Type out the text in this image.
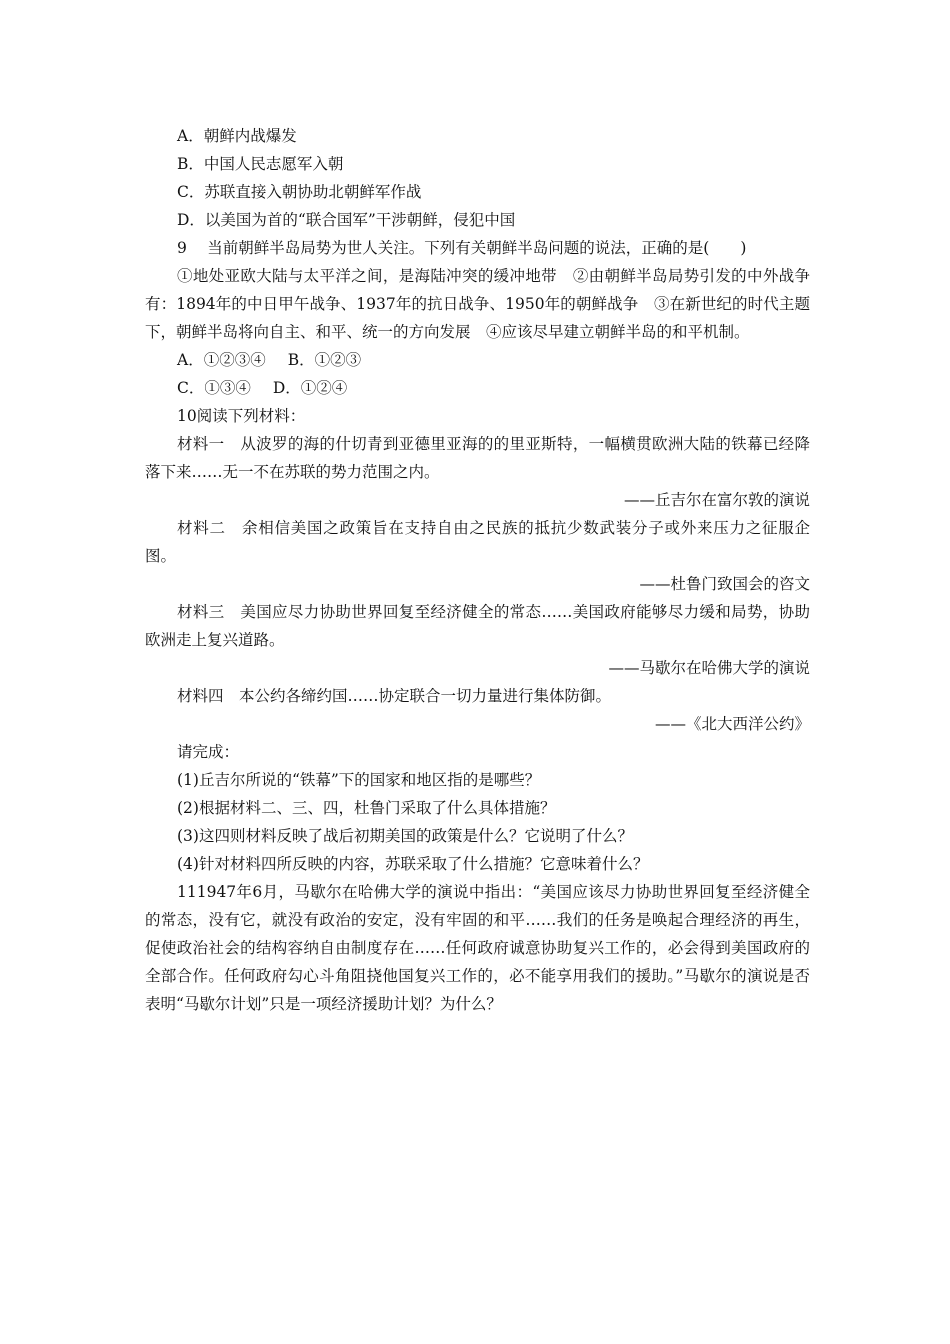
A．朝鲜内战爆发
B．中国人民志愿军入朝
C．苏联直接入朝协助北朝鲜军作战
D．以美国为首的“联合国军”干涉朝鲜，侵犯中国
9　 当前朝鲜半岛局势为世人关注。下列有关朝鲜半岛问题的说法，正确的是(　　)
①地处亚欧大陆与太平洋之间，是海陆冲突的缓冲地带　②由朝鲜半岛局势引发的中外战争有：1894年的中日甲午战争、1937年的抗日战争、1950年的朝鲜战争　③在新世纪的时代主题下，朝鲜半岛将向自主、和平、统一的方向发展　④应该尽早建立朝鲜半岛的和平机制。
A．①②③④ B．①②③
C．①③④ D．①②④
10阅读下列材料：
材料一　从波罗的海的什切青到亚德里亚海的的里亚斯特，一幅横贯欧洲大陆的铁幕已经降落下来……无一不在苏联的势力范围之内。
——丘吉尔在富尔敦的演说
材料二　余相信美国之政策旨在支持自由之民族的抵抗少数武装分子或外来压力之征服企图。
——杜鲁门致国会的咨文
材料三　美国应尽力协助世界回复至经济健全的常态……美国政府能够尽力缓和局势，协助欧洲走上复兴道路。
——马歇尔在哈佛大学的演说
材料四　本公约各缔约国……协定联合一切力量进行集体防御。
——《北大西洋公约》
请完成：
(1)丘吉尔所说的“铁幕”下的国家和地区指的是哪些？
(2)根据材料二、三、四，杜鲁门采取了什么具体措施？
(3)这四则材料反映了战后初期美国的政策是什么？它说明了什么？
(4)针对材料四所反映的内容，苏联采取了什么措施？它意味着什么？
111947年6月，马歇尔在哈佛大学的演说中指出：“美国应该尽力协助世界回复至经济健全的常态，没有它，就没有政治的安定，没有牢固的和平……我们的任务是唤起合理经济的再生，促使政治社会的结构容纳自由制度存在……任何政府诚意协助复兴工作的，必会得到美国政府的全部合作。任何政府勾心斗角阻挠他国复兴工作的，必不能享用我们的援助。”马歇尔的演说是否表明“马歇尔计划”只是一项经济援助计划？为什么？
